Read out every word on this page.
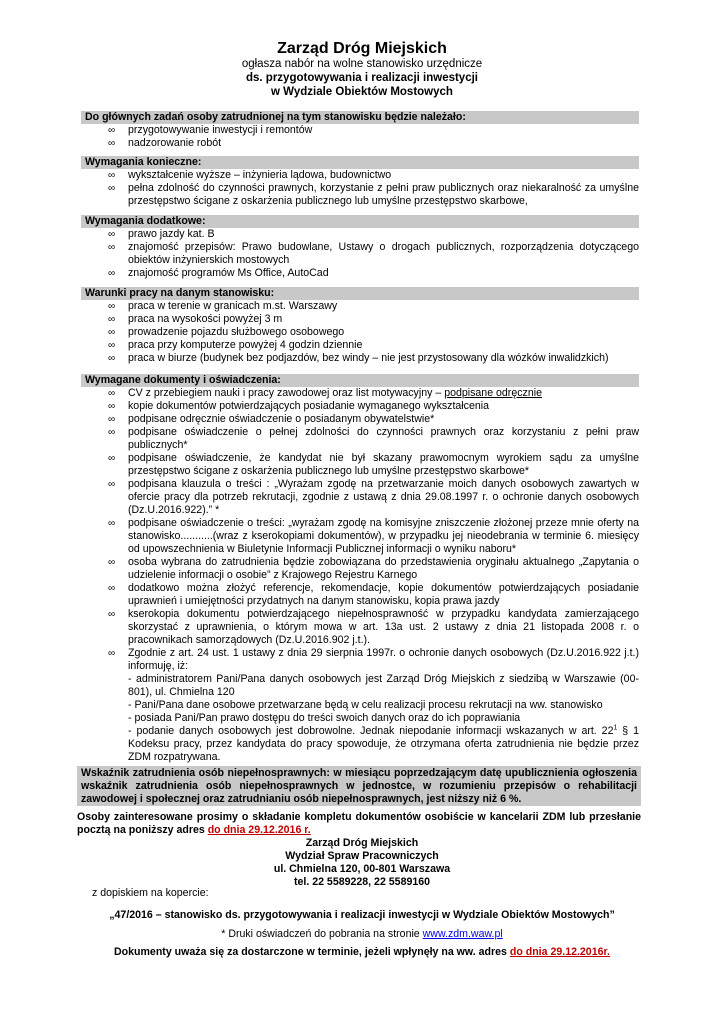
Zarząd Dróg Miejskich
ogłasza nabór na wolne stanowisko urzędnicze
ds. przygotowywania i realizacji inwestycji
w Wydziale Obiektów Mostowych
Do głównych zadań osoby zatrudnionej na tym stanowisku będzie należało:
∞ przygotowywanie inwestycji i remontów
∞ nadzorowanie robót
Wymagania konieczne:
∞ wykształcenie wyższe – inżynieria lądowa, budownictwo
∞ pełna zdolność do czynności prawnych, korzystanie z pełni praw publicznych oraz niekaralność za umyślne przestępstwo ścigane z oskarżenia publicznego lub umyślne przestępstwo skarbowe,
Wymagania dodatkowe:
∞ prawo jazdy kat. B
∞ znajomość przepisów: Prawo budowlane, Ustawy o drogach publicznych, rozporządzenia dotyczącego obiektów inżynierskich mostowych
∞ znajomość programów Ms Office, AutoCad
Warunki pracy na danym stanowisku:
∞ praca w terenie w granicach m.st. Warszawy
∞ praca na wysokości powyżej 3 m
∞ prowadzenie pojazdu służbowego osobowego
∞ praca przy komputerze powyżej 4 godzin dziennie
∞ praca w biurze (budynek bez podjazdów, bez windy – nie jest przystosowany dla wózków inwalidzkich)
Wymagane dokumenty i oświadczenia:
∞ CV z przebiegiem nauki i pracy zawodowej oraz list motywacyjny – podpisane odręcznie
∞ kopie dokumentów potwierdzających posiadanie wymaganego wykształcenia
∞ podpisane odręcznie oświadczenie o posiadanym obywatelstwie*
∞ podpisane oświadczenie o pełnej zdolności do czynności prawnych oraz korzystaniu z pełni praw publicznych*
∞ podpisane oświadczenie, że kandydat nie był skazany prawomocnym wyrokiem sądu za umyślne przestępstwo ścigane z oskarżenia publicznego lub umyślne przestępstwo skarbowe*
∞ podpisana klauzula o treści : „Wyrażam zgodę na przetwarzanie moich danych osobowych zawartych w ofercie pracy dla potrzeb rekrutacji, zgodnie z ustawą z dnia 29.08.1997 r. o ochronie danych osobowych (Dz.U.2016.922).” *
∞ podpisane oświadczenie o treści: „wyrażam zgodę na komisyjne zniszczenie złożonej przeze mnie oferty na stanowisko...........(wraz z kserokopiami dokumentów), w przypadku jej nieodebrania w terminie 6. miesięcy od upowszechnienia w Biuletynie Informacji Publicznej informacji o wyniku naboru*
∞ osoba wybrana do zatrudnienia będzie zobowiązana do przedstawienia oryginału aktualnego „Zapytania o udzielenie informacji o osobie” z Krajowego Rejestru Karnego
∞ dodatkowo można złożyć referencje, rekomendacje, kopie dokumentów potwierdzających posiadanie uprawnień i umiejętności przydatnych na danym stanowisku, kopia prawa jazdy
∞ kserokopia dokumentu potwierdzającego niepełnosprawność w przypadku kandydata zamierzającego skorzystać z uprawnienia, o którym mowa w art. 13a ust. 2 ustawy z dnia 21 listopada 2008 r. o pracownikach samorządowych (Dz.U.2016.902 j.t.).
∞ Zgodnie z art. 24 ust. 1 ustawy z dnia 29 sierpnia 1997r. o ochronie danych osobowych (Dz.U.2016.922 j.t.) informuję, iż:
- administratorem Pani/Pana danych osobowych jest Zarząd Dróg Miejskich z siedzibą w Warszawie (00-801), ul. Chmielna 120
- Pani/Pana dane osobowe przetwarzane będą w celu realizacji procesu rekrutacji na ww. stanowisko
- posiada Pani/Pan prawo dostępu do treści swoich danych oraz do ich poprawiania
- podanie danych osobowych jest dobrowolne. Jednak niepodanie informacji wskazanych w art. $22^1$ § 1 Kodeksu pracy, przez kandydata do pracy spowoduje, że otrzymana oferta zatrudnienia nie będzie przez ZDM rozpatrywana.
Wskaźnik zatrudnienia osób niepełnosprawnych: w miesiącu poprzedzającym datę upublicznienia ogłoszenia wskaźnik zatrudnienia osób niepełnosprawnych w jednostce, w rozumieniu przepisów o rehabilitacji zawodowej i społecznej oraz zatrudnianiu osób niepełnosprawnych, jest niższy niż 6 %.
Osoby zainteresowane prosimy o składanie kompletu dokumentów osobiście w kancelarii ZDM lub przesłanie pocztą na poniższy adres do dnia 29.12.2016 r.
Zarząd Dróg Miejskich
Wydział Spraw Pracowniczych
ul. Chmielna 120, 00-801 Warszawa
tel. 22 5589228, 22 5589160
z dopiskiem na kopercie:
„47/2016 – stanowisko ds. przygotowywania i realizacji inwestycji w Wydziale Obiektów Mostowych”
* Druki oświadczeń do pobrania na stronie www.zdm.waw.pl
Dokumenty uważa się za dostarczone w terminie, jeżeli wpłynęły na ww. adres do dnia 29.12.2016r.
